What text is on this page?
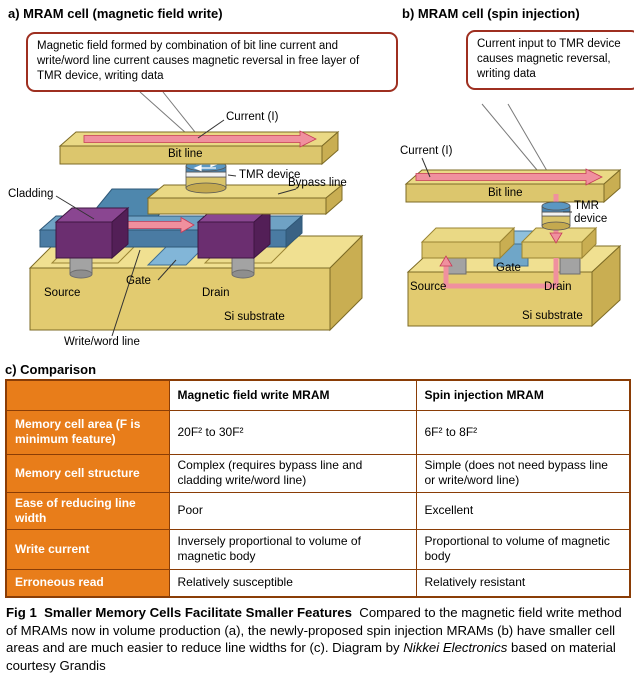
a) MRAM cell (magnetic field write)
Magnetic field formed by combination of bit line current and write/word line current causes magnetic reversal in free layer of TMR device, writing data
Current (I)
Bit line
TMR device
Bypass line
Cladding
Gate
Source	Drain
Si substrate
Write/word line
b) MRAM cell (spin injection)
Current input to TMR device causes magnetic reversal, writing data
Current (I)
Bit line
TMR device
Gate
Source	Drain
Si substrate
c) Comparison
	Magnetic field write MRAM	Spin injection MRAM
Memory cell area (F is minimum feature)	20F² to 30F²	6F² to 8F²
Memory cell structure	Complex (requires bypass line and cladding write/word line)	Simple (does not need bypass line or write/word line)
Ease of reducing line width	Poor	Excellent
Write current	Inversely proportional to volume of magnetic body	Proportional to volume of magnetic body
Erroneous read	Relatively susceptible	Relatively resistant

Fig 1 Smaller Memory Cells Facilitate Smaller Features Compared to the magnetic field write method of MRAMs now in volume production (a), the newly-proposed spin injection MRAMs (b) have smaller cell areas and are much easier to reduce line widths for (c). Diagram by Nikkei Electronics based on material courtesy Grandis
